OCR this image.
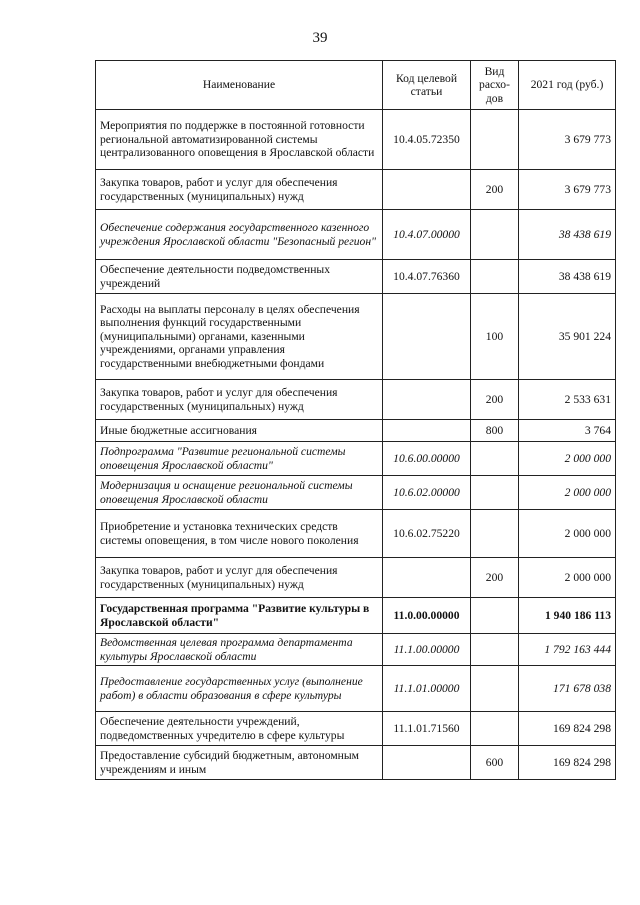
39
Наименование	Код целевой статьи	Вид расхо-дов	2021 год (руб.)
Мероприятия по поддержке в постоянной готовности региональной автоматизированной системы централизованного оповещения в Ярославской области	10.4.05.72350		3 679 773
Закупка товаров, работ и услуг для обеспечения государственных (муниципальных) нужд		200	3 679 773
Обеспечение содержания государственного казенного учреждения Ярославской области "Безопасный регион"	10.4.07.00000		38 438 619
Обеспечение деятельности подведомственных учреждений	10.4.07.76360		38 438 619
Расходы на выплаты персоналу в целях обеспечения выполнения функций государственными (муниципальными) органами, казенными учреждениями, органами управления государственными внебюджетными фондами		100	35 901 224
Закупка товаров, работ и услуг для обеспечения государственных (муниципальных) нужд		200	2 533 631
Иные бюджетные ассигнования		800	3 764
Подпрограмма "Развитие региональной системы оповещения Ярославской области"	10.6.00.00000		2 000 000
Модернизация и оснащение региональной системы оповещения Ярославской области	10.6.02.00000		2 000 000
Приобретение и установка технических средств системы оповещения, в том числе нового поколения	10.6.02.75220		2 000 000
Закупка товаров, работ и услуг для обеспечения государственных (муниципальных) нужд		200	2 000 000
Государственная программа "Развитие культуры в Ярославской области"	11.0.00.00000		1 940 186 113
Ведомственная целевая программа департамента культуры Ярославской области	11.1.00.00000		1 792 163 444
Предоставление государственных услуг (выполнение работ) в области образования в сфере культуры	11.1.01.00000		171 678 038
Обеспечение деятельности учреждений, подведомственных учредителю в сфере культуры	11.1.01.71560		169 824 298
Предоставление субсидий бюджетным, автономным учреждениям и иным		600	169 824 298
